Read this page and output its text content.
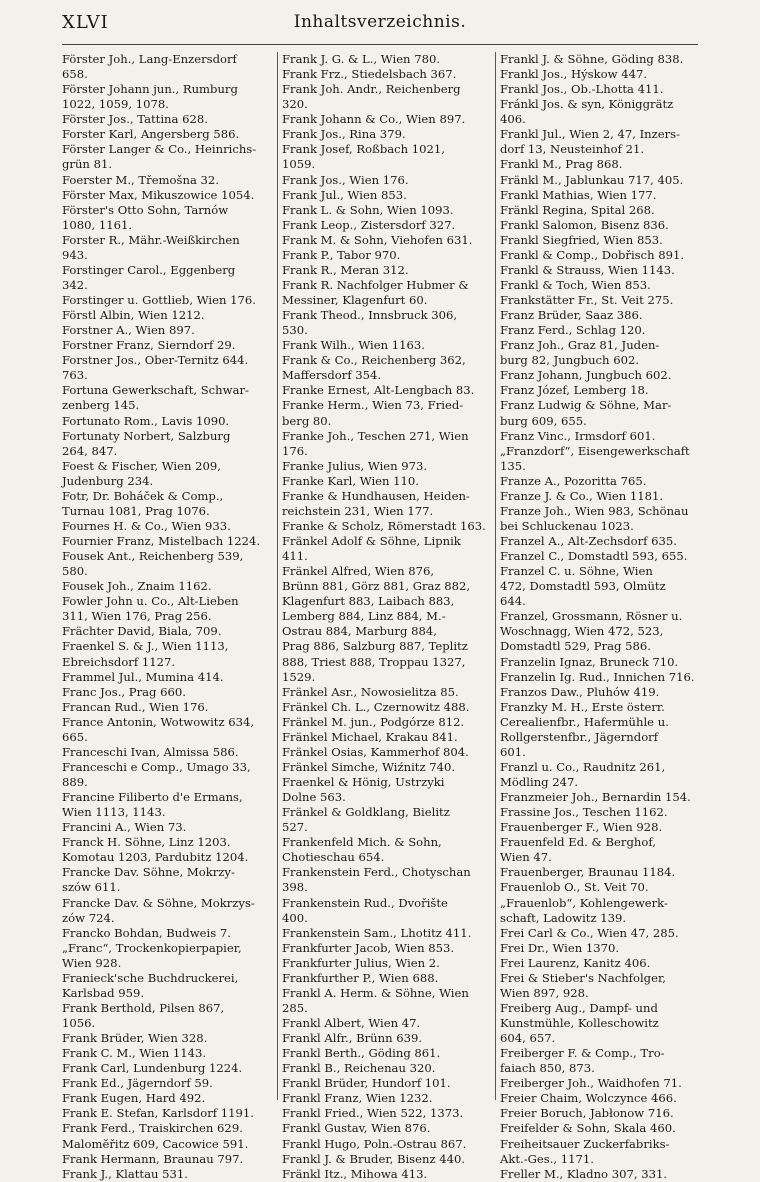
XLVI	Inhaltsverzeichnis.
Förster Joh., Lang-Enzersdorf
658.
Förster Johann jun., Rumburg
1022, 1059, 1078.
Förster Jos., Tattina 628.
Forster Karl, Angersberg 586.
Förster Langer & Co., Heinrichs-
grün 81.
Foerster M., Třemošna 32.
Förster Max, Mikuszowice 1054.
Förster's Otto Sohn, Tarnów
1080, 1161.
Forster R., Mähr.-Weißkirchen
943.
Forstinger Carol., Eggenberg
342.
Forstinger u. Gottlieb, Wien 176.
Förstl Albin, Wien 1212.
Forstner A., Wien 897.
Forstner Franz, Sierndorf 29.
Forstner Jos., Ober-Ternitz 644.
763.
Fortuna Gewerkschaft, Schwar-
zenberg 145.
Fortunato Rom., Lavis 1090.
Fortunaty Norbert, Salzburg
264, 847.
Foest & Fischer, Wien 209,
Judenburg 234.
Fotr, Dr. Boháček & Comp.,
Turnau 1081, Prag 1076.
Fournes H. & Co., Wien 933.
Fournier Franz, Mistelbach 1224.
Fousek Ant., Reichenberg 539,
580.
Fousek Joh., Znaim 1162.
Fowler John u. Co., Alt-Lieben
311, Wien 176, Prag 256.
Frächter David, Biala, 709.
Fraenkel S. & J., Wien 1113,
Ebreichsdorf 1127.
Frammel Jul., Mumina 414.
Franc Jos., Prag 660.
Francan Rud., Wien 176.
France Antonin, Wotwowitz 634,
665.
Franceschi Ivan, Almissa 586.
Franceschi e Comp., Umago 33,
889.
Francine Filiberto d'e Ermans,
Wien 1113, 1143.
Francini A., Wien 73.
Franck H. Söhne, Linz 1203.
Komotau 1203, Pardubitz 1204.
Francke Dav. Söhne, Mokrzy-
szów 611.
Francke Dav. & Söhne, Mokrzys-
zów 724.
Francko Bohdan, Budweis 7.
„Franc“, Trockenkopierpapier,
Wien 928.
Franieck'sche Buchdruckerei,
Karlsbad 959.
Frank Berthold, Pilsen 867,
1056.
Frank Brüder, Wien 328.
Frank C. M., Wien 1143.
Frank Carl, Lundenburg 1224.
Frank Ed., Jägerndorf 59.
Frank Eugen, Hard 492.
Frank E. Stefan, Karlsdorf 1191.
Frank Ferd., Traiskirchen 629.
Malomĕřitz 609, Cacowice 591.
Frank Hermann, Braunau 797.
Frank J., Klattau 531.
Frank J. G. & L., Wien 780.
Frank Frz., Stiedelsbach 367.
Frank Joh. Andr., Reichenberg
320.
Frank Johann & Co., Wien 897.
Frank Jos., Rina 379.
Frank Josef, Roßbach 1021,
1059.
Frank Jos., Wien 176.
Frank Jul., Wien 853.
Frank L. & Sohn, Wien 1093.
Frank Leop., Zistersdorf 327.
Frank M. & Sohn, Viehofen 631.
Frank P., Tabor 970.
Frank R., Meran 312.
Frank R. Nachfolger Hubmer &
Messiner, Klagenfurt 60.
Frank Theod., Innsbruck 306,
530.
Frank Wilh., Wien 1163.
Frank & Co., Reichenberg 362,
Maffersdorf 354.
Franke Ernest, Alt-Lengbach 83.
Franke Herm., Wien 73, Fried-
berg 80.
Franke Joh., Teschen 271, Wien
176.
Franke Julius, Wien 973.
Franke Karl, Wien 110.
Franke & Hundhausen, Heiden-
reichstein 231, Wien 177.
Franke & Scholz, Römerstadt 163.
Fränkel Adolf & Söhne, Lipnik
411.
Fränkel Alfred, Wien 876,
Brünn 881, Görz 881, Graz 882,
Klagenfurt 883, Laibach 883,
Lemberg 884, Linz 884, M.-
Ostrau 884, Marburg 884,
Prag 886, Salzburg 887, Teplitz
888, Triest 888, Troppau 1327,
1529.
Fränkel Asr., Nowosielitza 85.
Fränkel Ch. L., Czernowitz 488.
Fränkel M. jun., Podgórze 812.
Fränkel Michael, Krakau 841.
Fränkel Osias, Kammerhof 804.
Fränkel Simche, Wiźnitz 740.
Fraenkel & Hönig, Ustrzyki
Dolne 563.
Fränkel & Goldklang, Bielitz
527.
Frankenfeld Mich. & Sohn,
Chotieschau 654.
Frankenstein Ferd., Chotyschan
398.
Frankenstein Rud., Dvořište
400.
Frankenstein Sam., Lhotitz 411.
Frankfurter Jacob, Wien 853.
Frankfurter Julius, Wien 2.
Frankfurther P., Wien 688.
Frankl A. Herm. & Söhne, Wien
285.
Frankl Albert, Wien 47.
Frankl Alfr., Brünn 639.
Frankl Berth., Göding 861.
Frankl B., Reichenau 320.
Frankl Brüder, Hundorf 101.
Frankl Franz, Wien 1232.
Frankl Fried., Wien 522, 1373.
Frankl Gustav, Wien 876.
Frankl Hugo, Poln.-Ostrau 867.
Frankl J. & Bruder, Bisenz 440.
Fränkl Itz., Mihowa 413.
Frankl J. & Söhne, Göding 838.
Frankl Jos., Hýskow 447.
Frankl Jos., Ob.-Lhotta 411.
Fránkl Jos. & syn, Königgrätz
406.
Frankl Jul., Wien 2, 47, Inzers-
dorf 13, Neusteinhof 21.
Frankl M., Prag 868.
Fränkl M., Jablunkau 717, 405.
Frankl Mathias, Wien 177.
Fränkl Regina, Spital 268.
Frankl Salomon, Bisenz 836.
Frankl Siegfried, Wien 853.
Frankl & Comp., Dobřisch 891.
Frankl & Strauss, Wien 1143.
Frankl & Toch, Wien 853.
Frankstätter Fr., St. Veit 275.
Franz Brüder, Saaz 386.
Franz Ferd., Schlag 120.
Franz Joh., Graz 81, Juden-
burg 82, Jungbuch 602.
Franz Johann, Jungbuch 602.
Franz Józef, Lemberg 18.
Franz Ludwig & Söhne, Mar-
burg 609, 655.
Franz Vinc., Irmsdorf 601.
„Franzdorf“, Eisengewerkschaft
135.
Franze A., Pozoritta 765.
Franze J. & Co., Wien 1181.
Franze Joh., Wien 983, Schönau
bei Schluckenau 1023.
Franzel A., Alt-Zechsdorf 635.
Franzel C., Domstadtl 593, 655.
Franzel C. u. Söhne, Wien
472, Domstadtl 593, Olmütz
644.
Franzel, Grossmann, Rösner u.
Woschnagg, Wien 472, 523,
Domstadtl 529, Prag 586.
Franzelin Ignaz, Bruneck 710.
Franzelin Ig. Rud., Innichen 716.
Franzos Daw., Pluhów 419.
Franzky M. H., Erste österr.
Cerealienfbr., Hafermühle u.
Rollgerstenfbr., Jägerndorf
601.
Franzl u. Co., Raudnitz 261,
Mödling 247.
Franzmeier Joh., Bernardin 154.
Frassine Jos., Teschen 1162.
Frauenberger F., Wien 928.
Frauenfeld Ed. & Berghof,
Wien 47.
Frauenberger, Braunau 1184.
Frauenlob O., St. Veit 70.
„Frauenlob“, Kohlengewerk-
schaft, Ladowitz 139.
Frei Carl & Co., Wien 47, 285.
Frei Dr., Wien 1370.
Frei Laurenz, Kanitz 406.
Frei & Stieber's Nachfolger,
Wien 897, 928.
Freiberg Aug., Dampf- und
Kunstmühle, Kolleschowitz
604, 657.
Freiberger F. & Comp., Tro-
faiach 850, 873.
Freiberger Joh., Waidhofen 71.
Freier Chaim, Wolczynce 466.
Freier Boruch, Jabłonow 716.
Freifelder & Sohn, Skala 460.
Freiheitsauer Zuckerfabriks-
Akt.-Ges., 1171.
Freller M., Kladno 307, 331.
